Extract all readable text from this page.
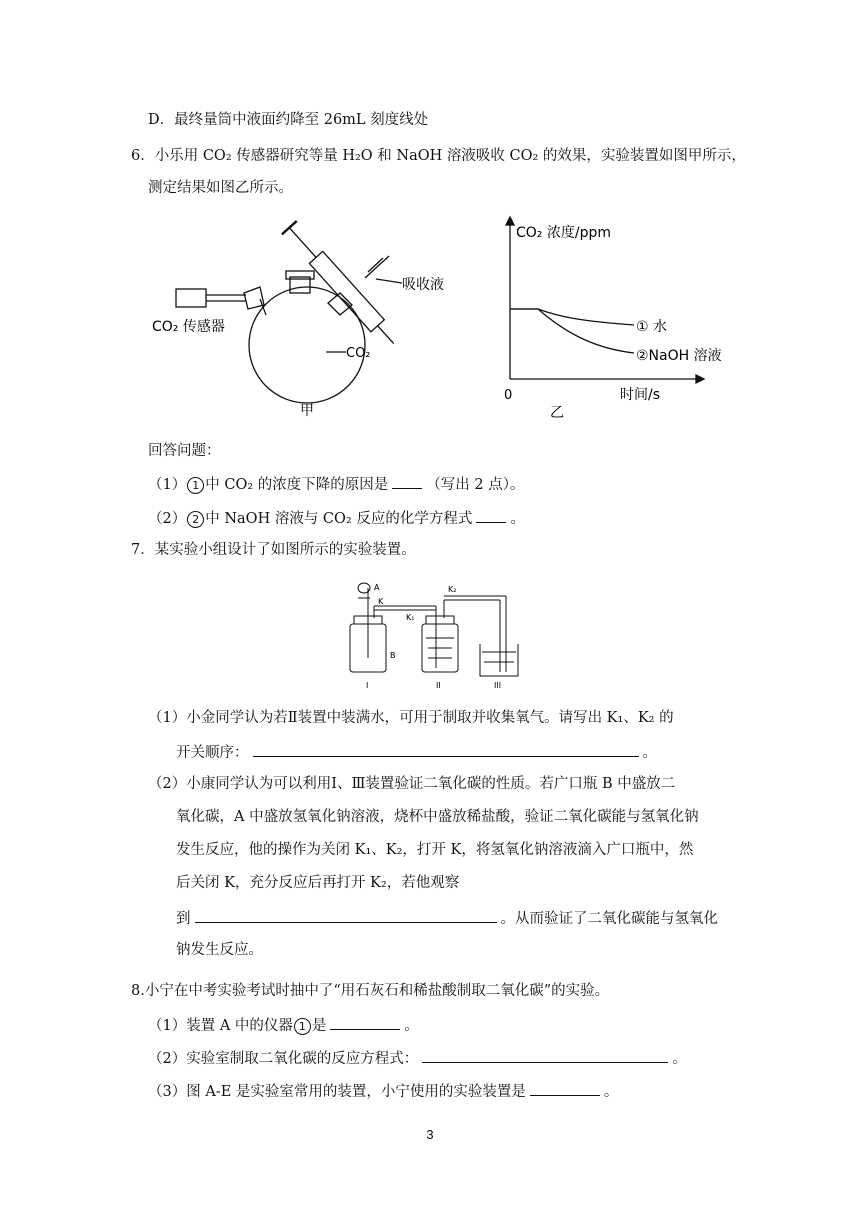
D．最终量筒中液面约降至 26mL 刻度线处
6．小乐用 CO₂ 传感器研究等量 H₂O 和 NaOH 溶液吸收 CO₂ 的效果，实验装置如图甲所示，
测定结果如图乙所示。
CO₂ 传感器
吸收液
CO₂
甲
CO₂ 浓度/ppm
① 水
②NaOH 溶液
0	时间/s
乙
回答问题：
（1） 1 中 CO₂ 的浓度下降的原因是	（写出 2 点）。
（2） 2 中 NaOH 溶液与 CO₂ 反应的化学方程式	。
7．某实验小组设计了如图所示的实验装置。
A
K
K₁
K₂
B
I	II	III
（1）小金同学认为若Ⅱ装置中装满水，可用于制取并收集氧气。请写出 K₁、K₂ 的
开关顺序：	。
（2）小康同学认为可以利用Ⅰ、Ⅲ装置验证二氧化碳的性质。若广口瓶 B 中盛放二
氧化碳，A 中盛放氢氧化钠溶液，烧杯中盛放稀盐酸，验证二氧化碳能与氢氧化钠
发生反应，他的操作为关闭 K₁、K₂，打开 K，将氢氧化钠溶液滴入广口瓶中，然
后关闭 K，充分反应后再打开 K₂，若他观察
到	。从而验证了二氧化碳能与氢氧化
钠发生反应。
8.小宁在中考实验考试时抽中了“用石灰石和稀盐酸制取二氧化碳”的实验。
（1）装置 A 中的仪器 1 是	。
（2）实验室制取二氧化碳的反应方程式：	。
（3）图 A-E 是实验室常用的装置，小宁使用的实验装置是	。
3
